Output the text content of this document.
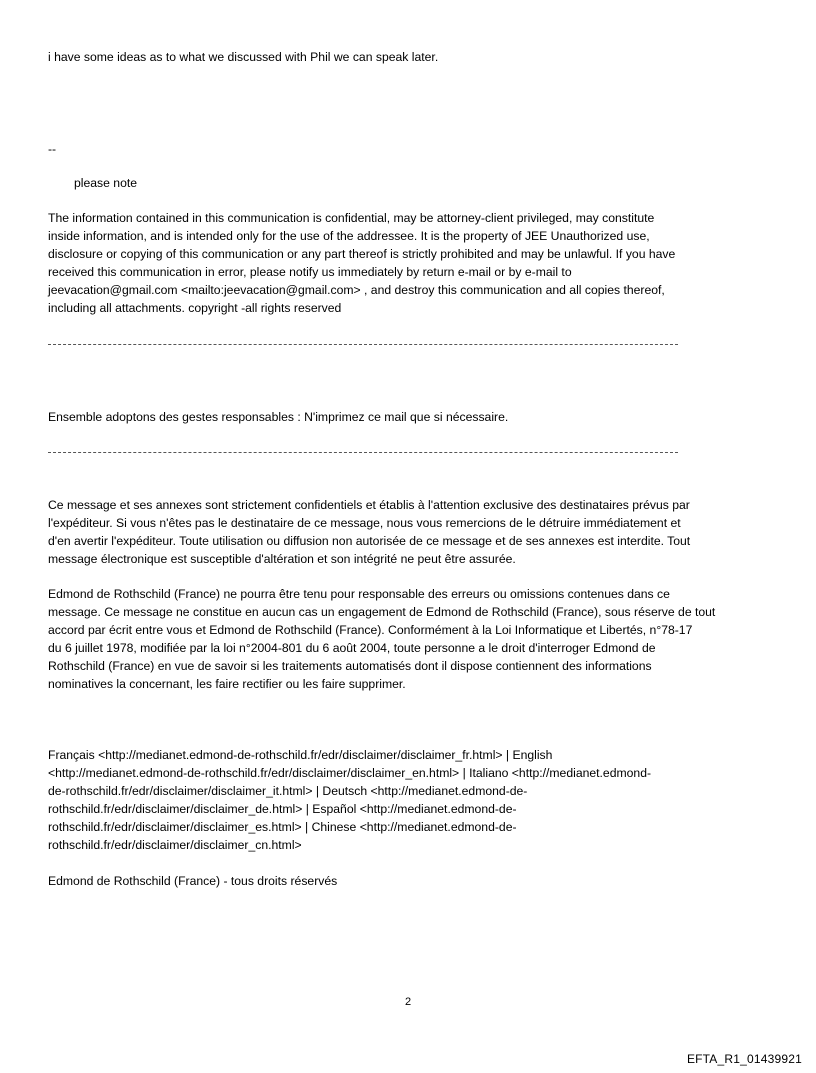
i have some ideas as to what we discussed with Phil we can speak later.
--
please note
The information contained in this communication is confidential, may be attorney-client privileged, may constitute
inside information, and is intended only for the use of the addressee. It is the property of JEE Unauthorized use,
disclosure or copying of this communication or any part thereof is strictly prohibited and may be unlawful. If you have
received this communication in error, please notify us immediately by return e-mail or by e-mail to
jeevacation@gmail.com <mailto:jeevacation@gmail.com> , and destroy this communication and all copies thereof,
including all attachments. copyright -all rights reserved
Ensemble adoptons des gestes responsables : N'imprimez ce mail que si nécessaire.
Ce message et ses annexes sont strictement confidentiels et établis à l'attention exclusive des destinataires prévus par
l'expéditeur. Si vous n'êtes pas le destinataire de ce message, nous vous remercions de le détruire immédiatement et
d'en avertir l'expéditeur. Toute utilisation ou diffusion non autorisée de ce message et de ses annexes est interdite. Tout
message électronique est susceptible d'altération et son intégrité ne peut être assurée.
Edmond de Rothschild (France) ne pourra être tenu pour responsable des erreurs ou omissions contenues dans ce
message. Ce message ne constitue en aucun cas un engagement de Edmond de Rothschild (France), sous réserve de tout
accord par écrit entre vous et Edmond de Rothschild (France). Conformément à la Loi Informatique et Libertés, n°78-17
du 6 juillet 1978, modifiée par la loi n°2004-801 du 6 août 2004, toute personne a le droit d'interroger Edmond de
Rothschild (France) en vue de savoir si les traitements automatisés dont il dispose contiennent des informations
nominatives la concernant, les faire rectifier ou les faire supprimer.
Français <http://medianet.edmond-de-rothschild.fr/edr/disclaimer/disclaimer_fr.html> | English
<http://medianet.edmond-de-rothschild.fr/edr/disclaimer/disclaimer_en.html> | Italiano <http://medianet.edmond-
de-rothschild.fr/edr/disclaimer/disclaimer_it.html> | Deutsch <http://medianet.edmond-de-
rothschild.fr/edr/disclaimer/disclaimer_de.html> | Español <http://medianet.edmond-de-
rothschild.fr/edr/disclaimer/disclaimer_es.html> | Chinese <http://medianet.edmond-de-
rothschild.fr/edr/disclaimer/disclaimer_cn.html>
Edmond de Rothschild (France) - tous droits réservés
2
EFTA_R1_01439921
